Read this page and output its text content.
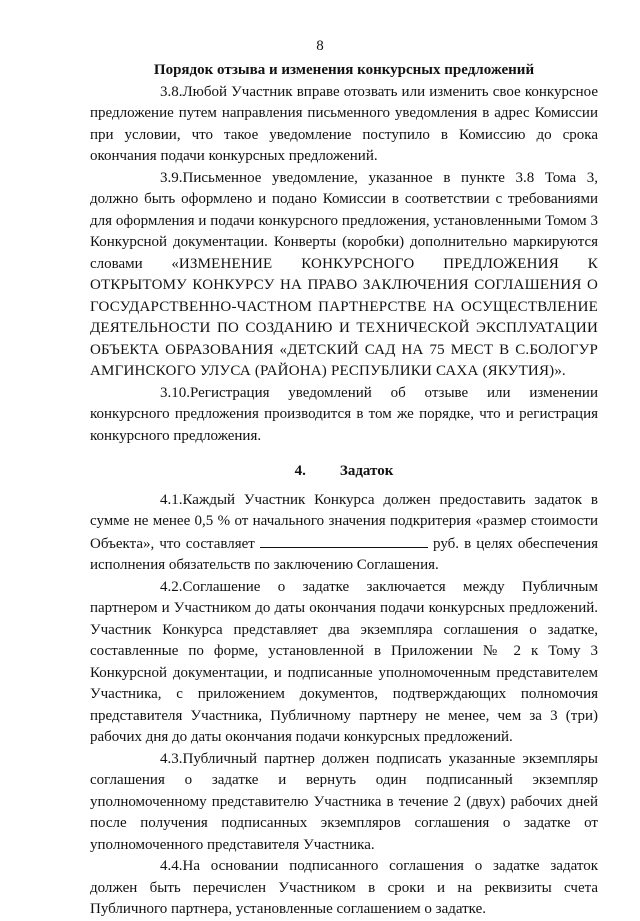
8

Порядок отзыва и изменения конкурсных предложений

3.8.Любой Участник вправе отозвать или изменить свое конкурсное предложение путем направления письменного уведомления в адрес Комиссии при условии, что такое уведомление поступило в Комиссию до срока окончания подачи конкурсных предложений.

3.9.Письменное уведомление, указанное в пункте 3.8 Тома 3, должно быть оформлено и подано Комиссии в соответствии с требованиями для оформления и подачи конкурсного предложения, установленными Томом 3 Конкурсной документации. Конверты (коробки) дополнительно маркируются словами «ИЗМЕНЕНИЕ КОНКУРСНОГО ПРЕДЛОЖЕНИЯ К ОТКРЫТОМУ КОНКУРСУ НА ПРАВО ЗАКЛЮЧЕНИЯ СОГЛАШЕНИЯ О ГОСУДАРСТВЕННО-ЧАСТНОМ ПАРТНЕРСТВЕ НА ОСУЩЕСТВЛЕНИЕ ДЕЯТЕЛЬНОСТИ ПО СОЗДАНИЮ И ТЕХНИЧЕСКОЙ ЭКСПЛУАТАЦИИ ОБЪЕКТА ОБРАЗОВАНИЯ «ДЕТСКИЙ САД НА 75 МЕСТ В С.БОЛОГУР АМГИНСКОГО УЛУСА (РАЙОНА) РЕСПУБЛИКИ САХА (ЯКУТИЯ)».

3.10.Регистрация уведомлений об отзыве или изменении конкурсного предложения производится в том же порядке, что и регистрация конкурсного предложения.

4. Задаток

4.1.Каждый Участник Конкурса должен предоставить задаток в сумме не менее 0,5 % от начального значения подкритерия «размер стоимости Объекта», что составляет	руб. в целях обеспечения исполнения обязательств по заключению Соглашения.

4.2.Соглашение о задатке заключается между Публичным партнером и Участником до даты окончания подачи конкурсных предложений. Участник Конкурса представляет два экземпляра соглашения о задатке, составленные по форме, установленной в Приложении № 2 к Тому 3 Конкурсной документации, и подписанные уполномоченным представителем Участника, с приложением документов, подтверждающих полномочия представителя Участника, Публичному партнеру не менее, чем за 3 (три) рабочих дня до даты окончания подачи конкурсных предложений.

4.3.Публичный партнер должен подписать указанные экземпляры соглашения о задатке и вернуть один подписанный экземпляр уполномоченному представителю Участника в течение 2 (двух) рабочих дней после получения подписанных экземпляров соглашения о задатке от уполномоченного представителя Участника.

4.4.На основании подписанного соглашения о задатке задаток должен быть перечислен Участником в сроки и на реквизиты счета Публичного партнера, установленные соглашением о задатке.
